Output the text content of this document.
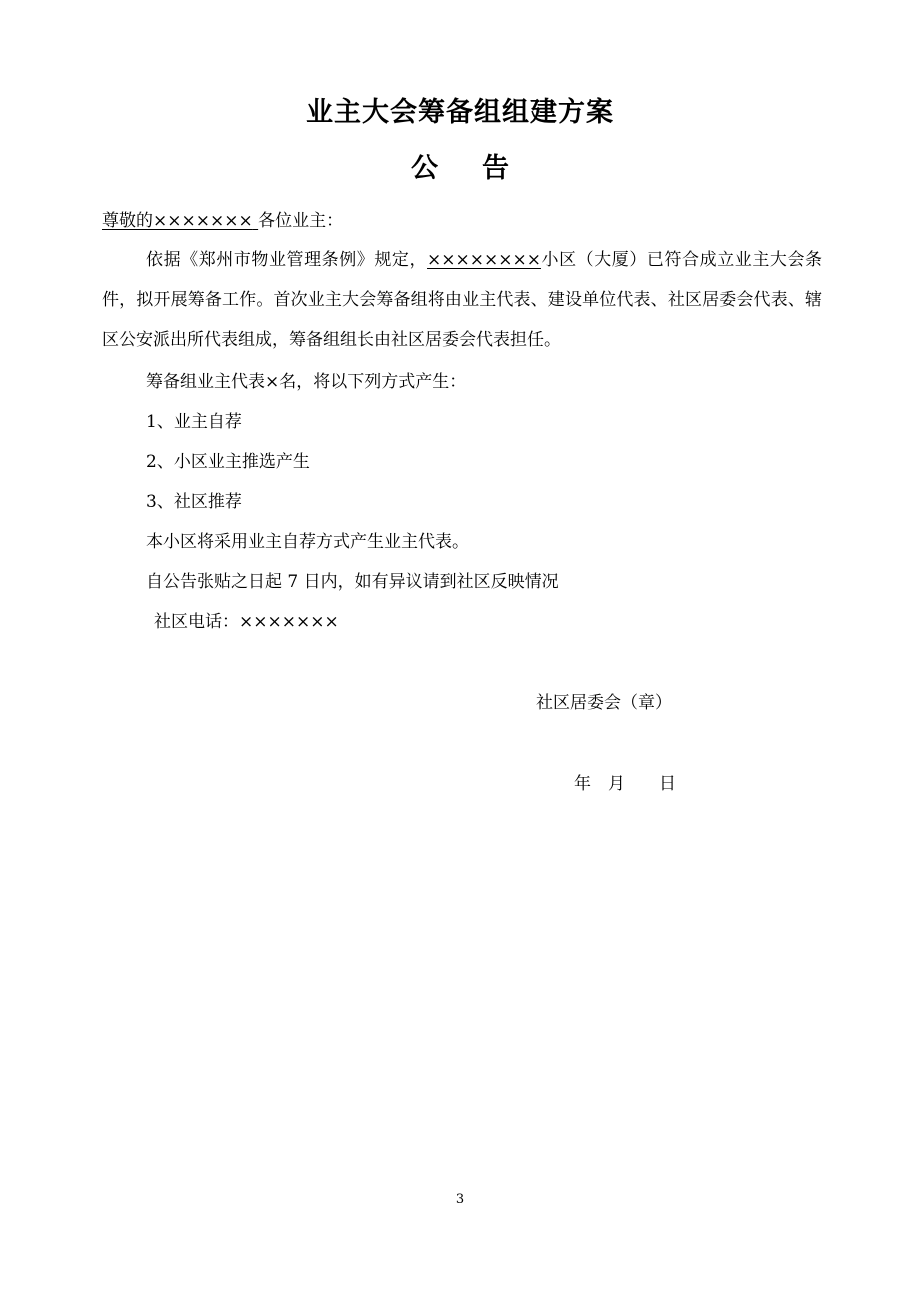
业主大会筹备组组建方案
公告
尊敬的××××××× 各位业主：
依据《郑州市物业管理条例》规定，××××××××小区（大厦）已符合成立业主大会条件，拟开展筹备工作。首次业主大会筹备组将由业主代表、建设单位代表、社区居委会代表、辖区公安派出所代表组成，筹备组组长由社区居委会代表担任。
筹备组业主代表×名，将以下列方式产生：
1、业主自荐
2、小区业主推选产生
3、社区推荐
本小区将采用业主自荐方式产生业主代表。
自公告张贴之日起 7 日内，如有异议请到社区反映情况
社区电话：×××××××
社区居委会（章）
年　月　　日
3
